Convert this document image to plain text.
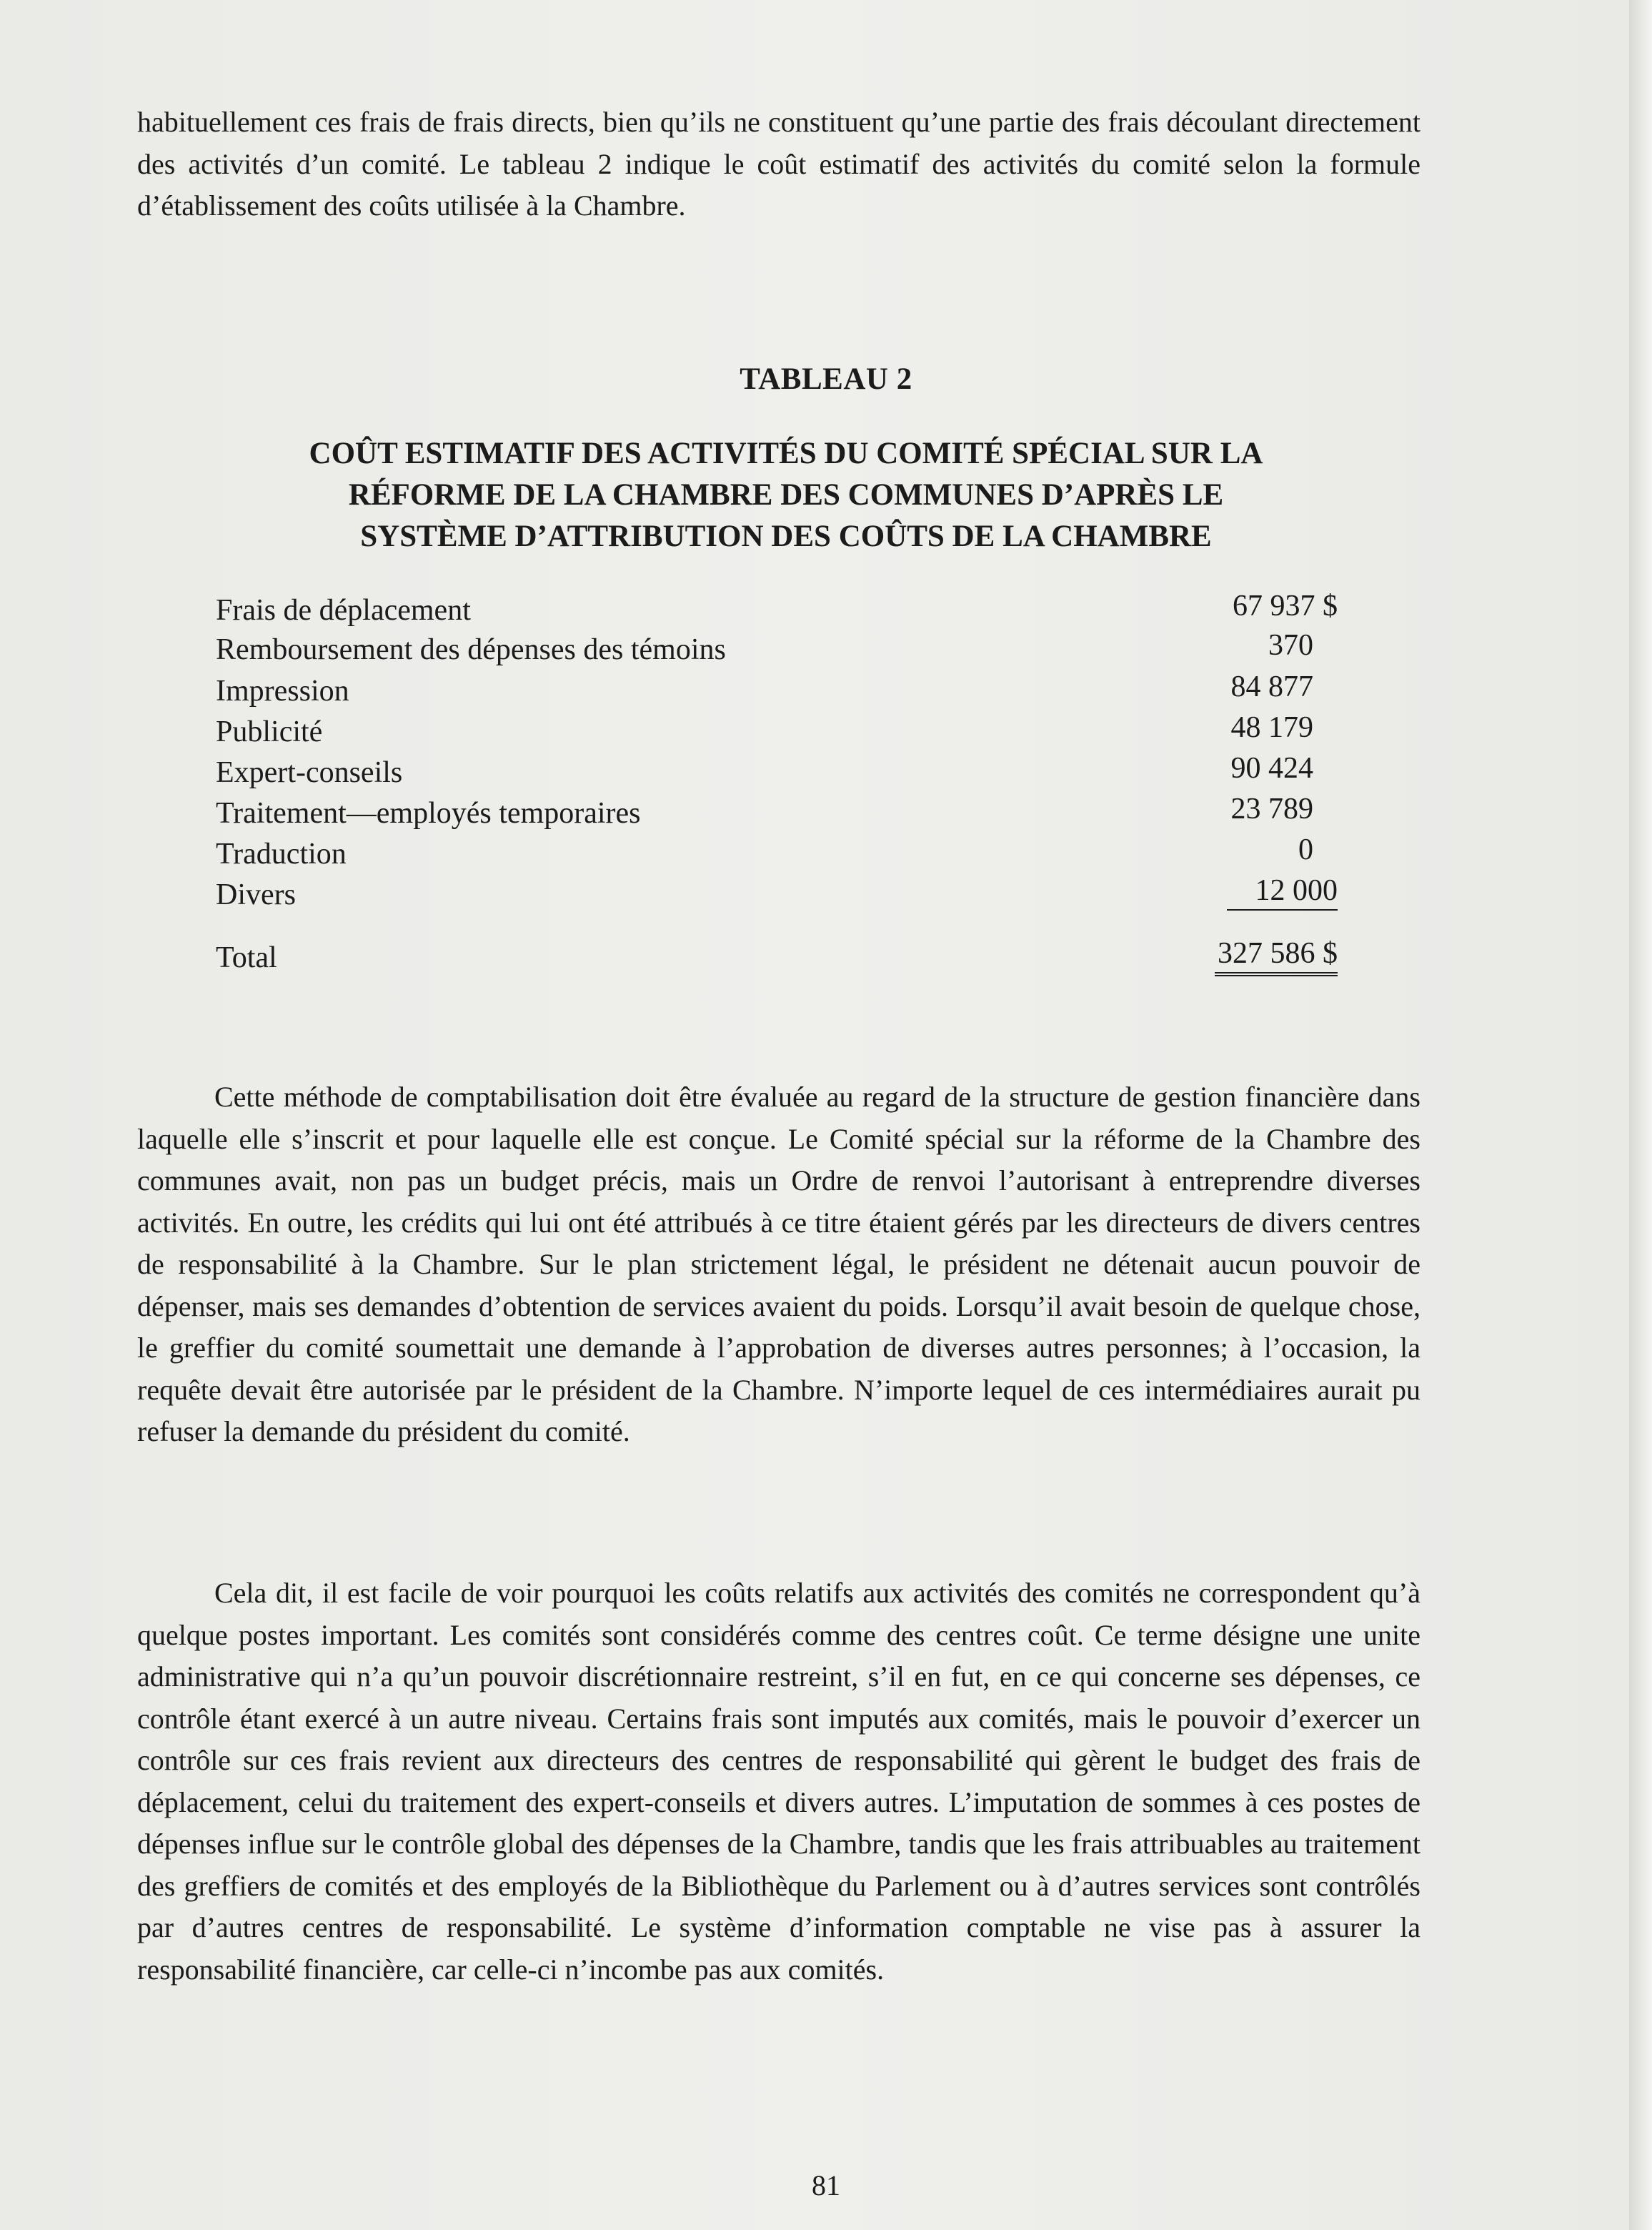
habituellement ces frais de frais directs, bien qu’ils ne constituent qu’une partie des frais découlant directement des activités d’un comité. Le tableau 2 indique le coût estimatif des activités du comité selon la formule d’établissement des coûts utilisée à la Chambre.

TABLEAU 2
COÛT ESTIMATIF DES ACTIVITÉS DU COMITÉ SPÉCIAL SUR LA
RÉFORME DE LA CHAMBRE DES COMMUNES D’APRÈS LE
SYSTÈME D’ATTRIBUTION DES COÛTS DE LA CHAMBRE
Frais de déplacement	67 937 $
Remboursement des dépenses des témoins	370
Impression	84 877
Publicité	48 179
Expert-conseils	90 424
Traitement—employés temporaires	23 789
Traduction	0
Divers	12 000
Total	327 586 $

Cette méthode de comptabilisation doit être évaluée au regard de la structure de gestion financière dans laquelle elle s’inscrit et pour laquelle elle est conçue. Le Comité spécial sur la réforme de la Chambre des communes avait, non pas un budget précis, mais un Ordre de renvoi l’autorisant à entreprendre diverses activités. En outre, les crédits qui lui ont été attribués à ce titre étaient gérés par les directeurs de divers centres de responsabilité à la Chambre. Sur le plan strictement légal, le président ne détenait aucun pouvoir de dépenser, mais ses demandes d’obtention de services avaient du poids. Lorsqu’il avait besoin de quelque chose, le greffier du comité soumettait une demande à l’approbation de diverses autres personnes; à l’occasion, la requête devait être autorisée par le président de la Chambre. N’importe lequel de ces intermédiaires aurait pu refuser la demande du président du comité.

Cela dit, il est facile de voir pourquoi les coûts relatifs aux activités des comités ne correspondent qu’à quelque postes important. Les comités sont considérés comme des centres coût. Ce terme désigne une unite administrative qui n’a qu’un pouvoir discrétionnaire restreint, s’il en fut, en ce qui concerne ses dépenses, ce contrôle étant exercé à un autre niveau. Certains frais sont imputés aux comités, mais le pouvoir d’exercer un contrôle sur ces frais revient aux directeurs des centres de responsabilité qui gèrent le budget des frais de déplacement, celui du traitement des expert-conseils et divers autres. L’imputation de sommes à ces postes de dépenses influe sur le contrôle global des dépenses de la Chambre, tandis que les frais attribuables au traitement des greffiers de comités et des employés de la Bibliothèque du Parlement ou à d’autres services sont contrôlés par d’autres centres de responsabilité. Le système d’information comptable ne vise pas à assurer la responsabilité financière, car celle-ci n’incombe pas aux comités.

81
